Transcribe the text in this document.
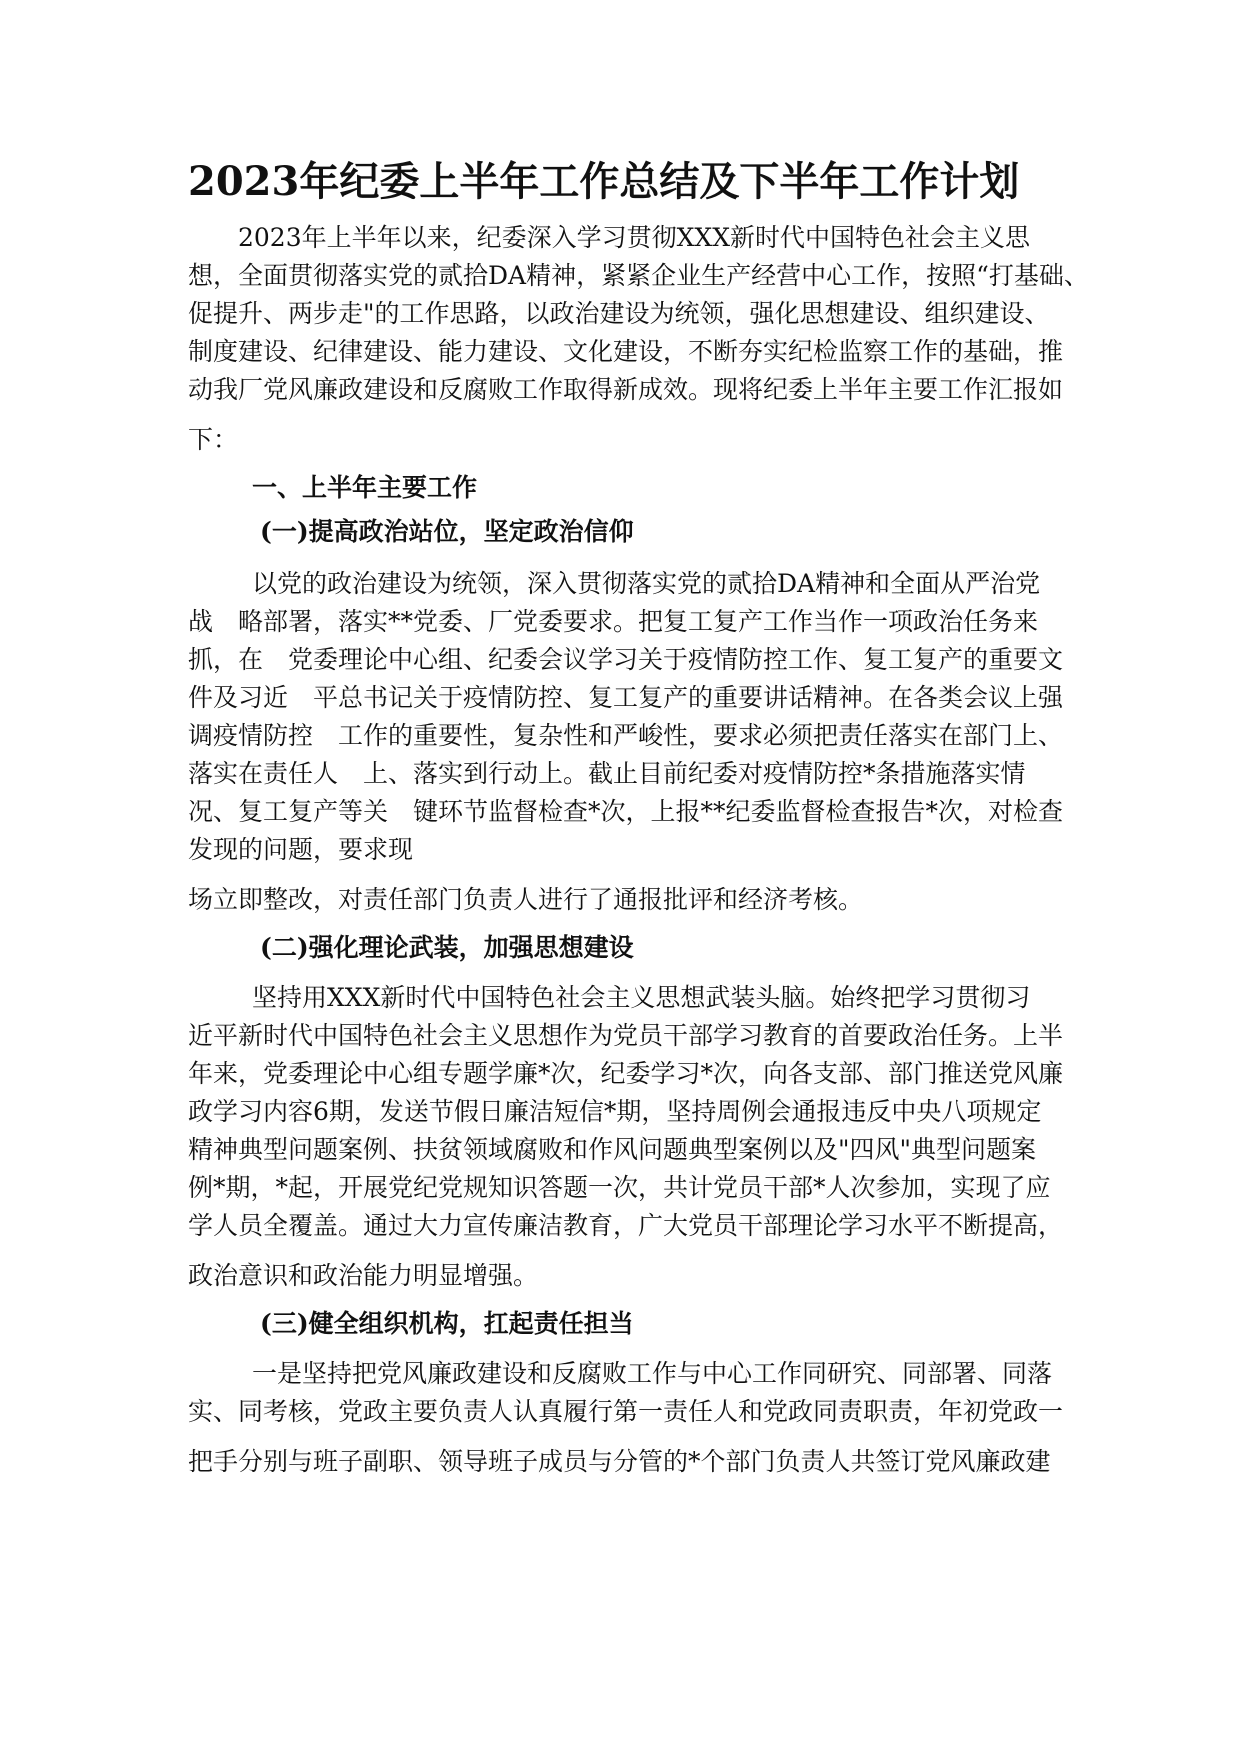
2023年纪委上半年工作总结及下半年工作计划

2023年上半年以来，纪委深入学习贯彻XXX新时代中国特色社会主义思

想，全面贯彻落实党的贰拾DA精神，紧紧企业生产经营中心工作，按照“打基础、

促提升、两步走"的工作思路，以政治建设为统领，强化思想建设、组织建设、

制度建设、纪律建设、能力建设、文化建设，不断夯实纪检监察工作的基础，推

动我厂党风廉政建设和反腐败工作取得新成效。现将纪委上半年主要工作汇报如

下：

一、上半年主要工作

(一)提高政治站位，坚定政治信仰

以党的政治建设为统领，深入贯彻落实党的贰拾DA精神和全面从严治党

战　略部署，落实**党委、厂党委要求。把复工复产工作当作一项政治任务来

抓，在　党委理论中心组、纪委会议学习关于疫情防控工作、复工复产的重要文

件及习近　平总书记关于疫情防控、复工复产的重要讲话精神。在各类会议上强

调疫情防控　工作的重要性，复杂性和严峻性，要求必须把责任落实在部门上、

落实在责任人　上、落实到行动上。截止目前纪委对疫情防控*条措施落实情

况、复工复产等关　键环节监督检查*次，上报**纪委监督检查报告*次，对检查

发现的问题，要求现

场立即整改，对责任部门负责人进行了通报批评和经济考核。

(二)强化理论武装，加强思想建设

坚持用XXX新时代中国特色社会主义思想武装头脑。始终把学习贯彻习

近平新时代中国特色社会主义思想作为党员干部学习教育的首要政治任务。上半

年来，党委理论中心组专题学廉*次，纪委学习*次，向各支部、部门推送党风廉

政学习内容6期，发送节假日廉洁短信*期，坚持周例会通报违反中央八项规定

精神典型问题案例、扶贫领域腐败和作风问题典型案例以及"四风"典型问题案

例*期，*起，开展党纪党规知识答题一次，共计党员干部*人次参加，实现了应

学人员全覆盖。通过大力宣传廉洁教育，广大党员干部理论学习水平不断提高，

政治意识和政治能力明显增强。

(三)健全组织机构，扛起责任担当

一是坚持把党风廉政建设和反腐败工作与中心工作同研究、同部署、同落

实、同考核，党政主要负责人认真履行第一责任人和党政同责职责，年初党政一

把手分别与班子副职、领导班子成员与分管的*个部门负责人共签订党风廉政建
